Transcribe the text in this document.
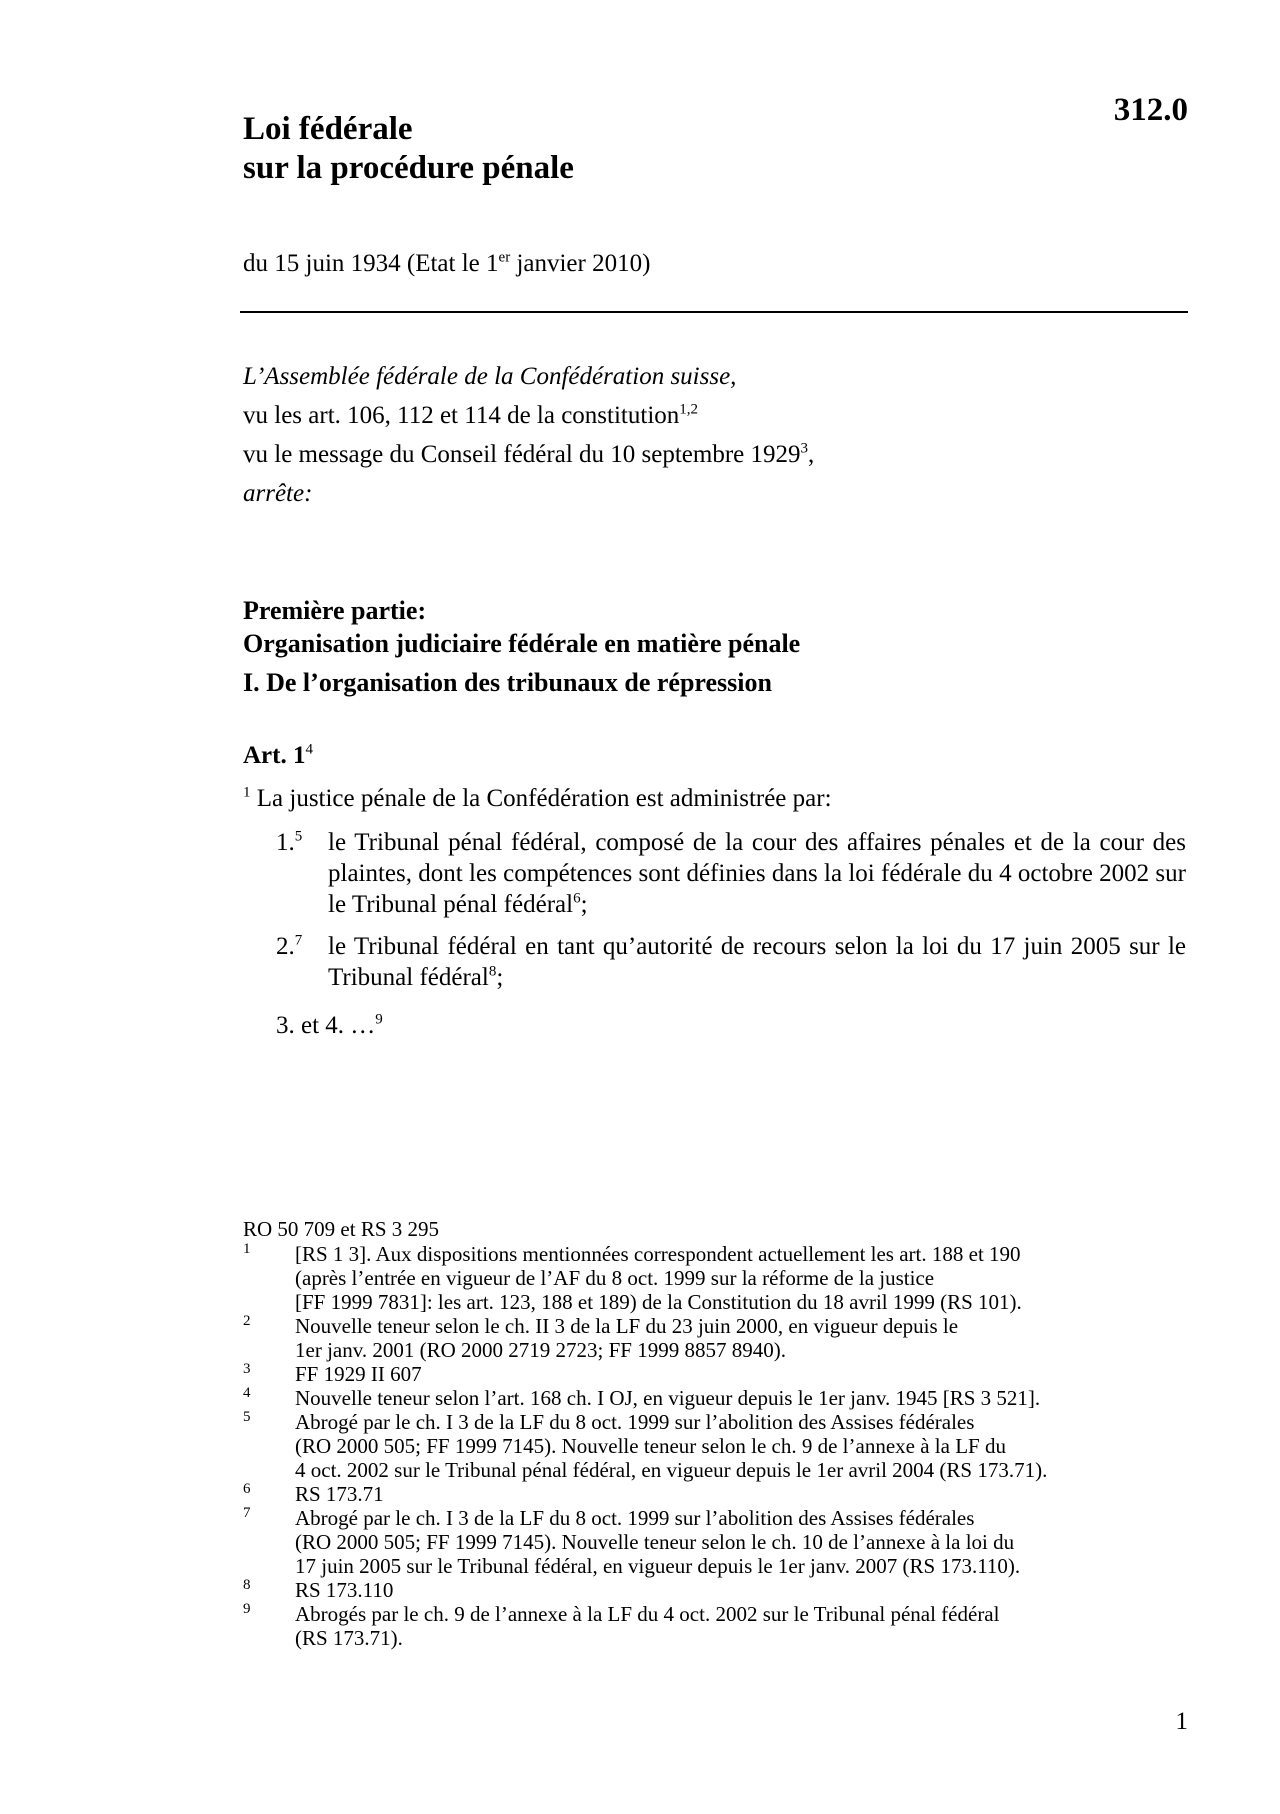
312.0
Loi fédérale
sur la procédure pénale
du 15 juin 1934 (Etat le 1er janvier 2010)
L’Assemblée fédérale de la Confédération suisse,
vu les art. 106, 112 et 114 de la constitution$^{1,2}$
vu le message du Conseil fédéral du 10 septembre 1929$^3$,
arrête:
Première partie:
Organisation judiciaire fédérale en matière pénale
I. De l’organisation des tribunaux de répression
Art. $1^4$
$^1$ La justice pénale de la Confédération est administrée par:
1.$^5$	le Tribunal pénal fédéral, composé de la cour des affaires pénales et de la cour des plaintes, dont les compétences sont définies dans la loi fédérale du 4 octobre 2002 sur le Tribunal pénal fédéral$^6$;
2.$^7$	le Tribunal fédéral en tant qu’autorité de recours selon la loi du 17 juin 2005 sur le Tribunal fédéral$^8$;
3. et 4. …$^9$
RO 50 709 et RS 3 295
1 [RS 1 3]. Aux dispositions mentionnées correspondent actuellement les art. 188 et 190
(après l’entrée en vigueur de l’AF du 8 oct. 1999 sur la réforme de la justice
[FF 1999 7831]: les art. 123, 188 et 189) de la Constitution du 18 avril 1999 (RS 101).
2 Nouvelle teneur selon le ch. II 3 de la LF du 23 juin 2000, en vigueur depuis le
1er janv. 2001 (RO 2000 2719 2723; FF 1999 8857 8940).
3 FF 1929 II 607
4 Nouvelle teneur selon l’art. 168 ch. I OJ, en vigueur depuis le 1er janv. 1945 [RS 3 521].
5 Abrogé par le ch. I 3 de la LF du 8 oct. 1999 sur l’abolition des Assises fédérales
(RO 2000 505; FF 1999 7145). Nouvelle teneur selon le ch. 9 de l’annexe à la LF du
4 oct. 2002 sur le Tribunal pénal fédéral, en vigueur depuis le 1er avril 2004 (RS 173.71).
6 RS 173.71
7 Abrogé par le ch. I 3 de la LF du 8 oct. 1999 sur l’abolition des Assises fédérales
(RO 2000 505; FF 1999 7145). Nouvelle teneur selon le ch. 10 de l’annexe à la loi du
17 juin 2005 sur le Tribunal fédéral, en vigueur depuis le 1er janv. 2007 (RS 173.110).
8 RS 173.110
9 Abrogés par le ch. 9 de l’annexe à la LF du 4 oct. 2002 sur le Tribunal pénal fédéral
(RS 173.71).
1
